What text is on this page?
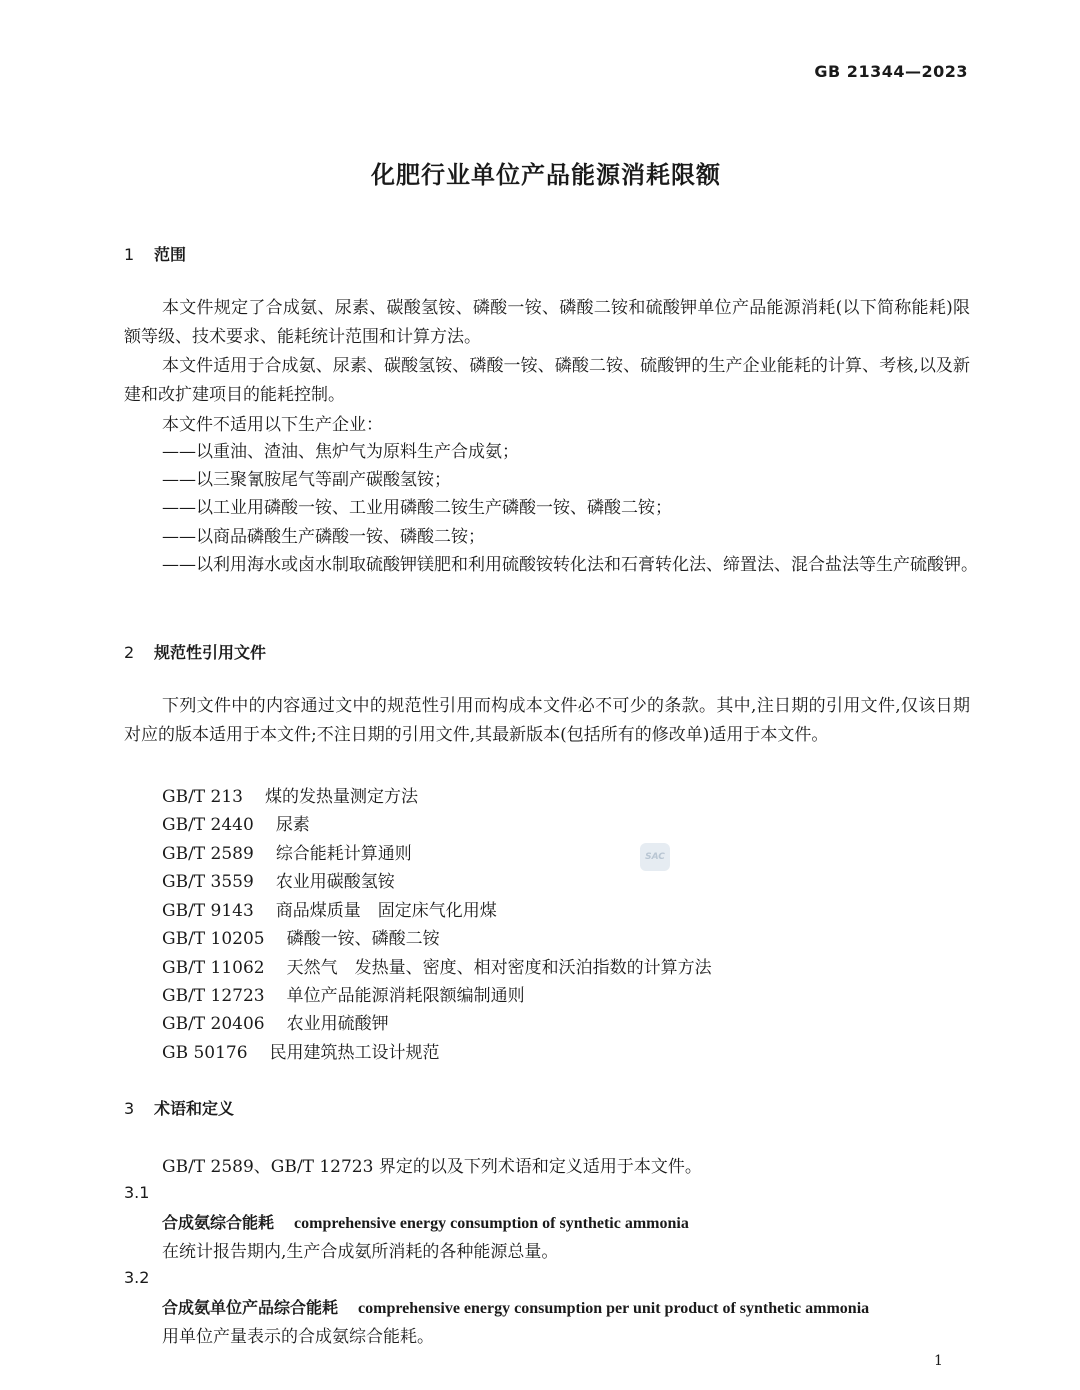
GB 21344—2023
化肥行业单位产品能源消耗限额
1 范围
本文件规定了合成氨、尿素、碳酸氢铵、磷酸一铵、磷酸二铵和硫酸钾单位产品能源消耗(以下简称能耗)限额等级、技术要求、能耗统计范围和计算方法。
本文件适用于合成氨、尿素、碳酸氢铵、磷酸一铵、磷酸二铵、硫酸钾的生产企业能耗的计算、考核,以及新建和改扩建项目的能耗控制。
本文件不适用以下生产企业：
——以重油、渣油、焦炉气为原料生产合成氨；
——以三聚氰胺尾气等副产碳酸氢铵；
——以工业用磷酸一铵、工业用磷酸二铵生产磷酸一铵、磷酸二铵；
——以商品磷酸生产磷酸一铵、磷酸二铵；
——以利用海水或卤水制取硫酸钾镁肥和利用硫酸铵转化法和石膏转化法、缔置法、混合盐法等生产硫酸钾。
2 规范性引用文件
下列文件中的内容通过文中的规范性引用而构成本文件必不可少的条款。其中,注日期的引用文件,仅该日期对应的版本适用于本文件;不注日期的引用文件,其最新版本(包括所有的修改单)适用于本文件。
GB/T 213 煤的发热量测定方法
GB/T 2440 尿素
GB/T 2589 综合能耗计算通则
GB/T 3559 农业用碳酸氢铵
GB/T 9143 商品煤质量　固定床气化用煤
GB/T 10205 磷酸一铵、磷酸二铵
GB/T 11062 天然气　发热量、密度、相对密度和沃泊指数的计算方法
GB/T 12723 单位产品能源消耗限额编制通则
GB/T 20406 农业用硫酸钾
GB 50176 民用建筑热工设计规范
SAC
3 术语和定义
GB/T 2589、GB/T 12723 界定的以及下列术语和定义适用于本文件。
3.1
合成氨综合能耗 comprehensive energy consumption of synthetic ammonia
在统计报告期内,生产合成氨所消耗的各种能源总量。
3.2
合成氨单位产品综合能耗 comprehensive energy consumption per unit product of synthetic ammonia
用单位产量表示的合成氨综合能耗。
1
